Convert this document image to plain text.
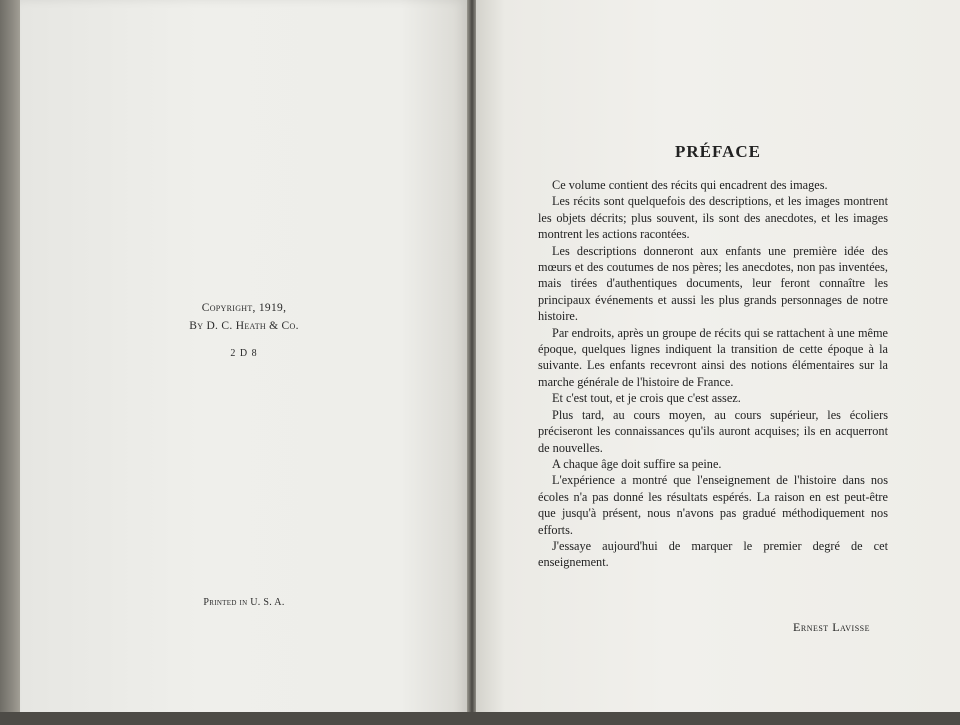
Copyright, 1919,
By D. C. Heath & Co.
2 D 8
Printed in U. S. A.
PRÉFACE

Ce volume contient des récits qui encadrent des images.

Les récits sont quelquefois des descriptions, et les images montrent les objets décrits; plus souvent, ils sont des anecdotes, et les images montrent les actions racontées.

Les descriptions donneront aux enfants une première idée des mœurs et des coutumes de nos pères; les anecdotes, non pas inventées, mais tirées d'authentiques documents, leur feront connaître les principaux événements et aussi les plus grands personnages de notre histoire.

Par endroits, après un groupe de récits qui se rattachent à une même époque, quelques lignes indiquent la transition de cette époque à la suivante. Les enfants recevront ainsi des notions élémentaires sur la marche générale de l'histoire de France.

Et c'est tout, et je crois que c'est assez.

Plus tard, au cours moyen, au cours supérieur, les écoliers préciseront les connaissances qu'ils auront acquises; ils en acquerront de nouvelles.

A chaque âge doit suffire sa peine.

L'expérience a montré que l'enseignement de l'histoire dans nos écoles n'a pas donné les résultats espérés. La raison en est peut-être que jusqu'à présent, nous n'avons pas gradué méthodiquement nos efforts.

J'essaye aujourd'hui de marquer le premier degré de cet enseignement.

Ernest Lavisse
